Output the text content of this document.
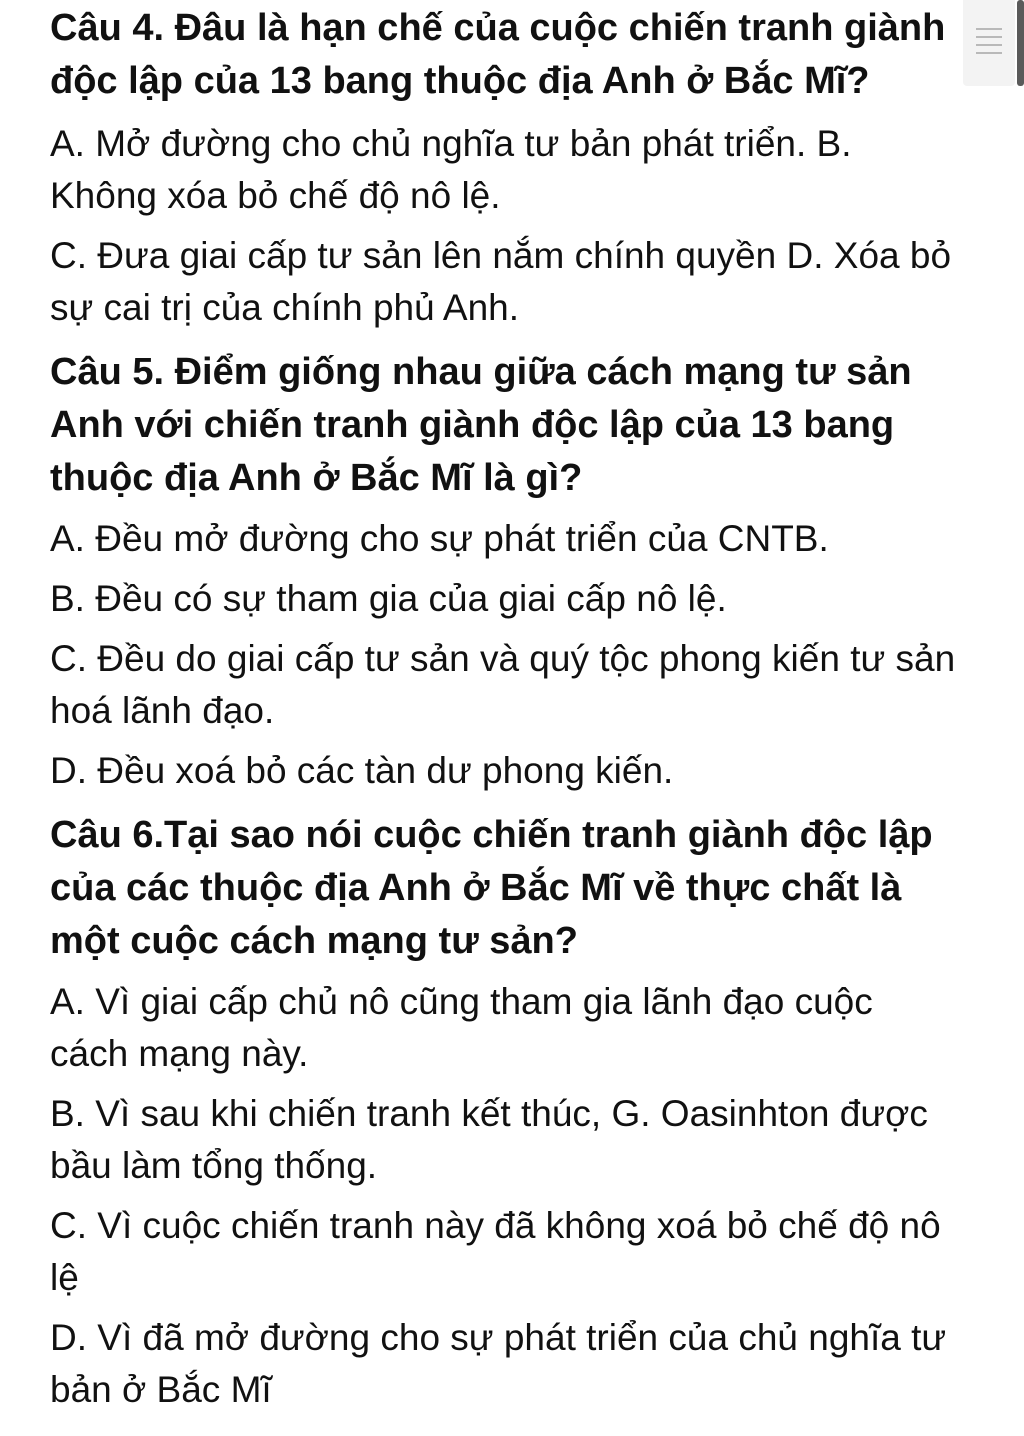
Câu 4. Đâu là hạn chế của cuộc chiến tranh giành độc lập của 13 bang thuộc địa Anh ở Bắc Mĩ?

A. Mở đường cho chủ nghĩa tư bản phát triển. B. Không xóa bỏ chế độ nô lệ.

C. Đưa giai cấp tư sản lên nắm chính quyền D. Xóa bỏ sự cai trị của chính phủ Anh.

Câu 5. Điểm giống nhau giữa cách mạng tư sản Anh với chiến tranh giành độc lập của 13 bang thuộc địa Anh ở Bắc Mĩ là gì?

A. Đều mở đường cho sự phát triển của CNTB.

B. Đều có sự tham gia của giai cấp nô lệ.

C. Đều do giai cấp tư sản và quý tộc phong kiến tư sản hoá lãnh đạo.

D. Đều xoá bỏ các tàn dư phong kiến.

Câu 6.Tại sao nói cuộc chiến tranh giành độc lập của các thuộc địa Anh ở Bắc Mĩ về thực chất là một cuộc cách mạng tư sản?

A. Vì giai cấp chủ nô cũng tham gia lãnh đạo cuộc cách mạng này.

B. Vì sau khi chiến tranh kết thúc, G. Oasinhton được bầu làm tổng thống.

C. Vì cuộc chiến tranh này đã không xoá bỏ chế độ nô lệ

D. Vì đã mở đường cho sự phát triển của chủ nghĩa tư bản ở Bắc Mĩ
